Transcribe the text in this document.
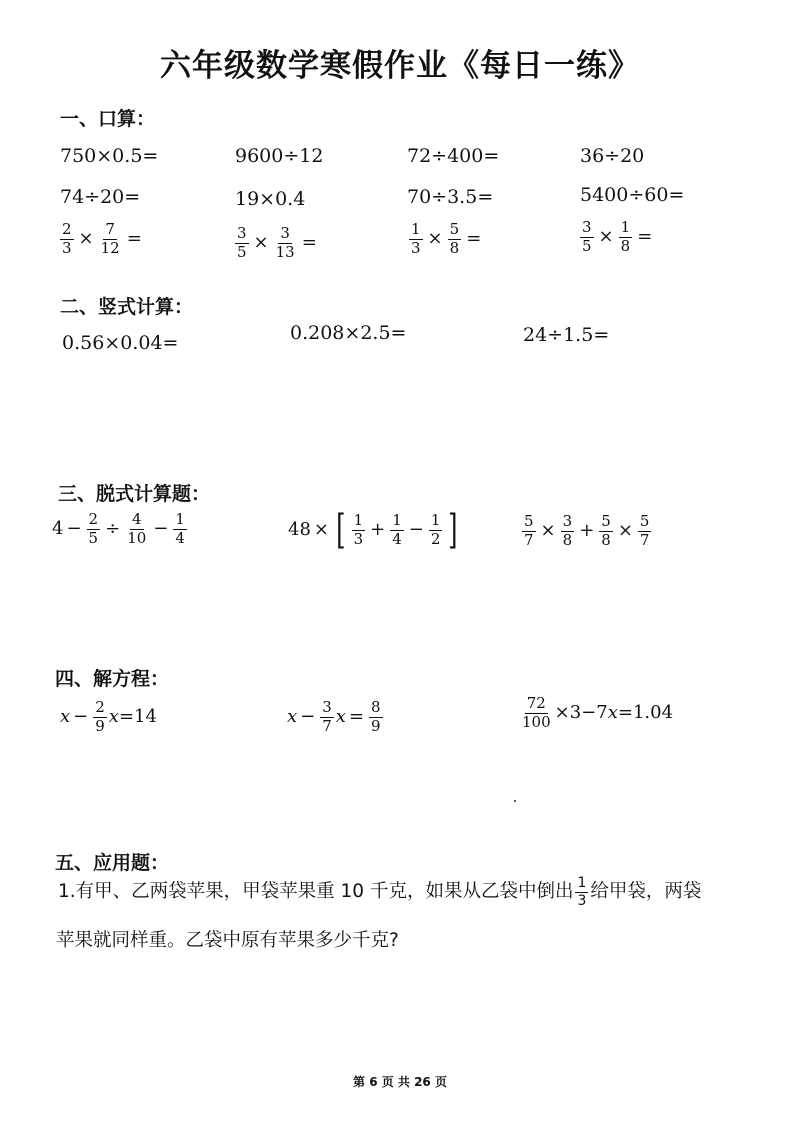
六年级数学寒假作业《每日一练》
一、口算：
750×0.5=	9600÷12	72÷400=	36÷20
74÷20=	19×0.4	70÷3.5=	5400÷60=
$\frac{2}{3} \times \frac{7}{12}$ =	$\frac{3}{5} \times \frac{3}{13}$ =	$\frac{1}{3} \times \frac{5}{8}$ =	$\frac{3}{5} \times \frac{1}{8}$ =
二、竖式计算：
0.56×0.04=	0.208×2.5=	24÷1.5=
三、脱式计算题：
$4 - \frac{2}{5} \div \frac{4}{10} - \frac{1}{4}$	48 × [ $\frac{1}{3} + \frac{1}{4} - \frac{1}{2}$ ]	$\frac{5}{7} \times \frac{3}{8} + \frac{5}{8} \times \frac{5}{7}$
四、解方程：
$x - \frac{2}{9}$ x =14	$x - \frac{3}{7}$ $x = \frac{8}{9}$	$\frac{72}{100} \times 3-7$ x =1.04
五、应用题：
1.有甲、乙两袋苹果，甲袋苹果重 10 千克，如果从乙袋中倒出 $\frac{1}{3}$ 给甲袋，两袋
苹果就同样重。乙袋中原有苹果多少千克?
第 6 页 共 26 页
